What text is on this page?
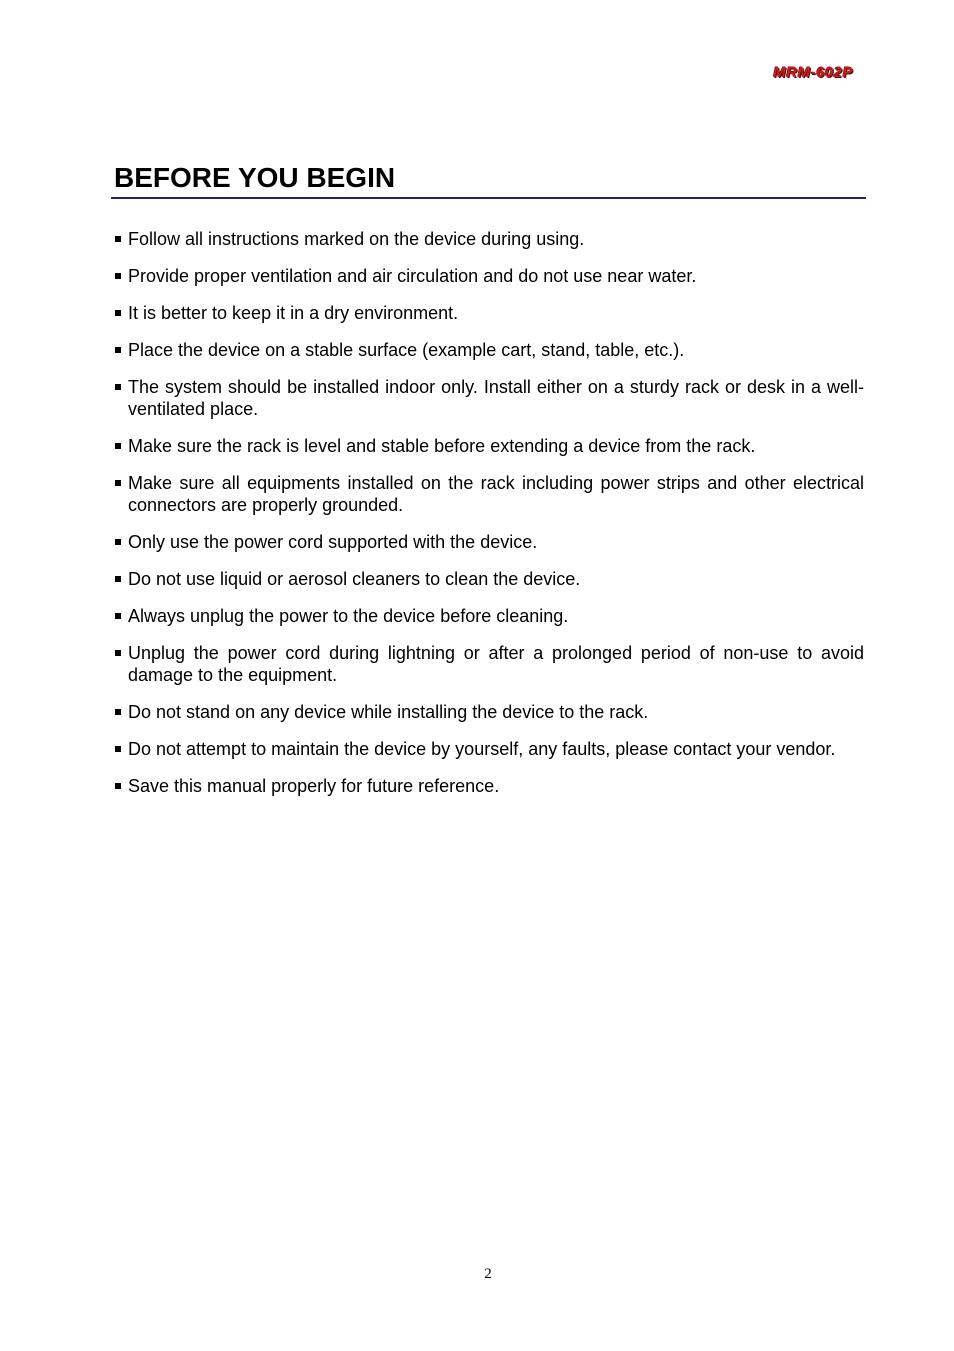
MRM-602P
BEFORE YOU BEGIN
Follow all instructions marked on the device during using.
Provide proper ventilation and air circulation and do not use near water.
It is better to keep it in a dry environment.
Place the device on a stable surface (example cart, stand, table, etc.).
The system should be installed indoor only. Install either on a sturdy rack or desk in a well-ventilated place.
Make sure the rack is level and stable before extending a device from the rack.
Make sure all equipments installed on the rack including power strips and other electrical connectors are properly grounded.
Only use the power cord supported with the device.
Do not use liquid or aerosol cleaners to clean the device.
Always unplug the power to the device before cleaning.
Unplug the power cord during lightning or after a prolonged period of non-use to avoid damage to the equipment.
Do not stand on any device while installing the device to the rack.
Do not attempt to maintain the device by yourself, any faults, please contact your vendor.
Save this manual properly for future reference.
2
